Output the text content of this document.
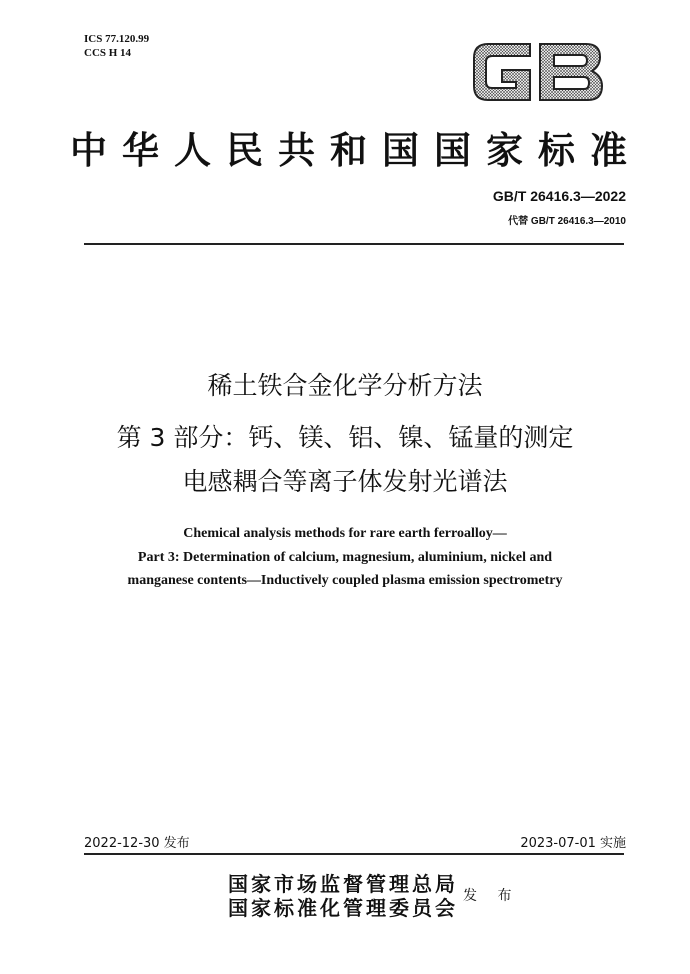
ICS 77.120.99
CCS H 14
中华人民共和国国家标准
GB/T 26416.3—2022
代替 GB/T 26416.3—2010
稀土铁合金化学分析方法
第 3 部分：钙、镁、铝、镍、锰量的测定
电感耦合等离子体发射光谱法
Chemical analysis methods for rare earth ferroalloy—
Part 3: Determination of calcium, magnesium, aluminium, nickel and
manganese contents—Inductively coupled plasma emission spectrometry
2022-12-30 发布	2023-07-01 实施
国家市场监督管理总局
国家标准化管理委员会 发 布
